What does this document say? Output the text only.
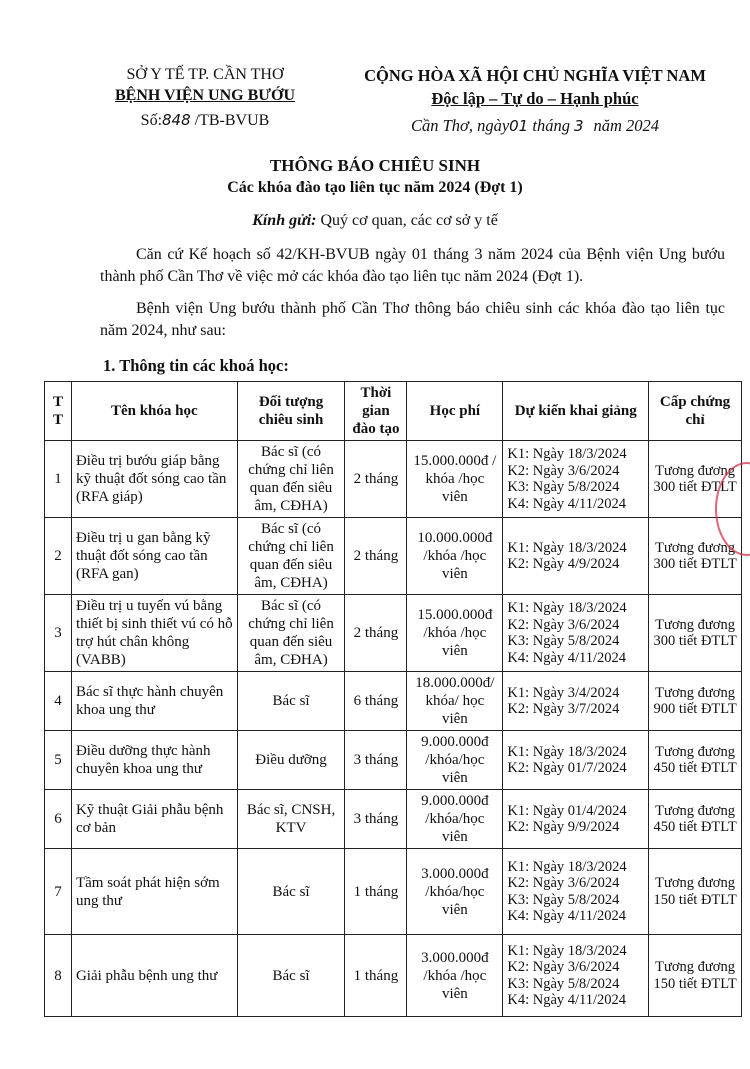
SỞ Y TẾ TP. CẦN THƠ
BỆNH VIỆN UNG BƯỚU
Số:848 /TB-BVUB
CỘNG HÒA XÃ HỘI CHỦ NGHĨA VIỆT NAM
Độc lập – Tự do – Hạnh phúc
Cần Thơ, ngày01 tháng 3 năm 2024
THÔNG BÁO CHIÊU SINH
Các khóa đào tạo liên tục năm 2024 (Đợt 1)
Kính gửi: Quý cơ quan, các cơ sở y tế
Căn cứ Kế hoạch số 42/KH-BVUB ngày 01 tháng 3 năm 2024 của Bệnh viện Ung bướu thành phố Cần Thơ về việc mở các khóa đào tạo liên tục năm 2024 (Đợt 1).
Bệnh viện Ung bướu thành phố Cần Thơ thông báo chiêu sinh các khóa đào tạo liên tục năm 2024, như sau:
1. Thông tin các khoá học:
T T	Tên khóa học	Đối tượng chiêu sinh	Thời gian đào tạo	Học phí	Dự kiến khai giảng	Cấp chứng chỉ
1	Điều trị bướu giáp bằng kỹ thuật đốt sóng cao tần (RFA giáp)	Bác sĩ (có chứng chỉ liên quan đến siêu âm, CĐHA)	2 tháng	15.000.000đ / khóa /học viên	K1: Ngày 18/3/2024
K2: Ngày 3/6/2024
K3: Ngày 5/8/2024
K4: Ngày 4/11/2024	Tương đương 300 tiết ĐTLT
2	Điều trị u gan bằng kỹ thuật đốt sóng cao tần (RFA gan)	Bác sĩ (có chứng chỉ liên quan đến siêu âm, CĐHA)	2 tháng	10.000.000đ /khóa /học viên	K1: Ngày 18/3/2024
K2: Ngày 4/9/2024	Tương đương 300 tiết ĐTLT
3	Điều trị u tuyến vú bằng thiết bị sinh thiết vú có hỗ trợ hút chân không (VABB)	Bác sĩ (có chứng chỉ liên quan đến siêu âm, CĐHA)	2 tháng	15.000.000đ /khóa /học viên	K1: Ngày 18/3/2024
K2: Ngày 3/6/2024
K3: Ngày 5/8/2024
K4: Ngày 4/11/2024	Tương đương 300 tiết ĐTLT
4	Bác sĩ thực hành chuyên khoa ung thư	Bác sĩ	6 tháng	18.000.000đ/ khóa/ học viên	K1: Ngày 3/4/2024
K2: Ngày 3/7/2024	Tương đương 900 tiết ĐTLT
5	Điều dưỡng thực hành chuyên khoa ung thư	Điều dưỡng	3 tháng	9.000.000đ /khóa/học viên	K1: Ngày 18/3/2024
K2: Ngày 01/7/2024	Tương đương 450 tiết ĐTLT
6	Kỹ thuật Giải phẫu bệnh cơ bản	Bác sĩ, CNSH, KTV	3 tháng	9.000.000đ /khóa/học viên	K1: Ngày 01/4/2024
K2: Ngày 9/9/2024	Tương đương 450 tiết ĐTLT
7	Tầm soát phát hiện sớm ung thư	Bác sĩ	1 tháng	3.000.000đ /khóa/học viên	K1: Ngày 18/3/2024
K2: Ngày 3/6/2024
K3: Ngày 5/8/2024
K4: Ngày 4/11/2024	Tương đương 150 tiết ĐTLT
8	Giải phẫu bệnh ung thư	Bác sĩ	1 tháng	3.000.000đ /khóa /học viên	K1: Ngày 18/3/2024
K2: Ngày 3/6/2024
K3: Ngày 5/8/2024
K4: Ngày 4/11/2024	Tương đương 150 tiết ĐTLT
